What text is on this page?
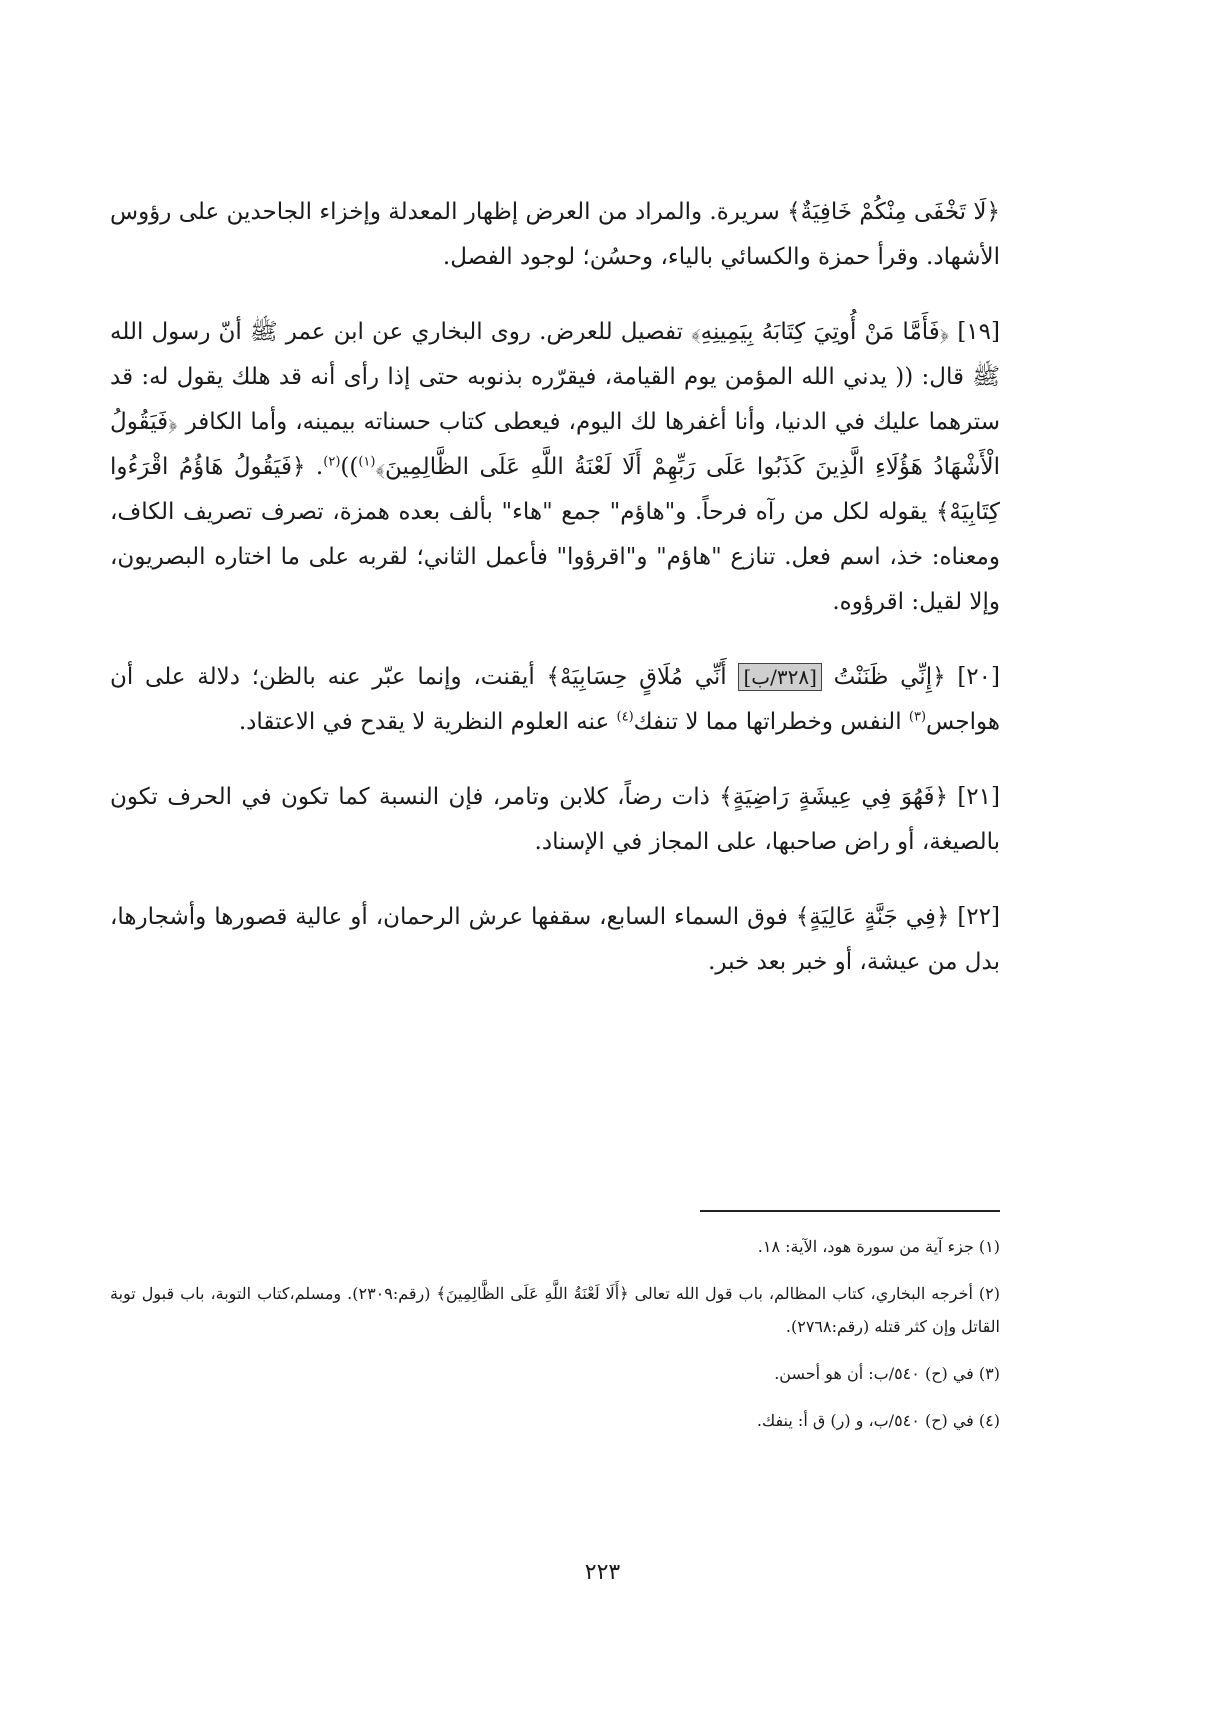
﴿لَا تَخْفَى مِنْكُمْ خَافِيَةٌ﴾ سريرة. والمراد من العرض إظهار المعدلة وإخزاء الجاحدين على رؤوس الأشهاد. وقرأ حمزة والكسائي بالياء، وحسُن؛ لوجود الفصل.

[١٩] ﴿فَأَمَّا مَنْ أُوتِيَ كِتَابَهُ بِيَمِينِهِ﴾ تفصيل للعرض. روى البخاري عن ابن عمر ﷺ أنّ رسول الله ﷺ قال: (( يدني الله المؤمن يوم القيامة، فيقرّره بذنوبه حتى إذا رأى أنه قد هلك يقول له: قد سترهما عليك في الدنيا، وأنا أغفرها لك اليوم، فيعطى كتاب حسناته بيمينه، وأما الكافر ﴿فَيَقُولُ الْأَشْهَادُ هَؤُلَاءِ الَّذِينَ كَذَبُوا عَلَى رَبِّهِمْ أَلَا لَعْنَةُ اللَّهِ عَلَى الظَّالِمِينَ﴾$^{(١)}$))$^{(٢)}$. ﴿فَيَقُولُ هَاؤُمُ اقْرَءُوا كِتَابِيَهْ﴾ يقوله لكل من رآه فرحاً. و"هاؤم" جمع "هاء" بألف بعده همزة، تصرف تصريف الكاف، ومعناه: خذ، اسم فعل. تنازع "هاؤم" و"اقرؤوا" فأعمل الثاني؛ لقربه على ما اختاره البصريون، وإلا لقيل: اقرؤوه.

[٢٠] ﴿إِنِّي ظَنَنْتُ [٣٢٨/ب] أَنِّي مُلَاقٍ حِسَابِيَهْ﴾ أيقنت، وإنما عبّر عنه بالظن؛ دلالة على أن هواجس$^{(٣)}$ النفس وخطراتها مما لا تنفك$^{(٤)}$ عنه العلوم النظرية لا يقدح في الاعتقاد.

[٢١] ﴿فَهُوَ فِي عِيشَةٍ رَاضِيَةٍ﴾ ذات رضاً، كلابن وتامر، فإن النسبة كما تكون في الحرف تكون بالصيغة، أو راض صاحبها، على المجاز في الإسناد.

[٢٢] ﴿فِي جَنَّةٍ عَالِيَةٍ﴾ فوق السماء السابع، سقفها عرش الرحمان، أو عالية قصورها وأشجارها، بدل من عيشة، أو خبر بعد خبر.

(١) جزء آية من سورة هود، الآية: ١٨.

(٢) أخرجه البخاري، كتاب المظالم، باب قول الله تعالى ﴿أَلَا لَعْنَةُ اللَّهِ عَلَى الظَّالِمِينَ﴾ (رقم:٢٣٠٩). ومسلم،كتاب التوبة، باب قبول توبة القاتل وإن كثر قتله (رقم:٢٧٦٨).

(٣) في (ح) ٥٤٠/ب: أن هو أحسن.

(٤) في (ح) ٥٤٠/ب، و (ر) ق أ: ينفك.

٢٢٣
